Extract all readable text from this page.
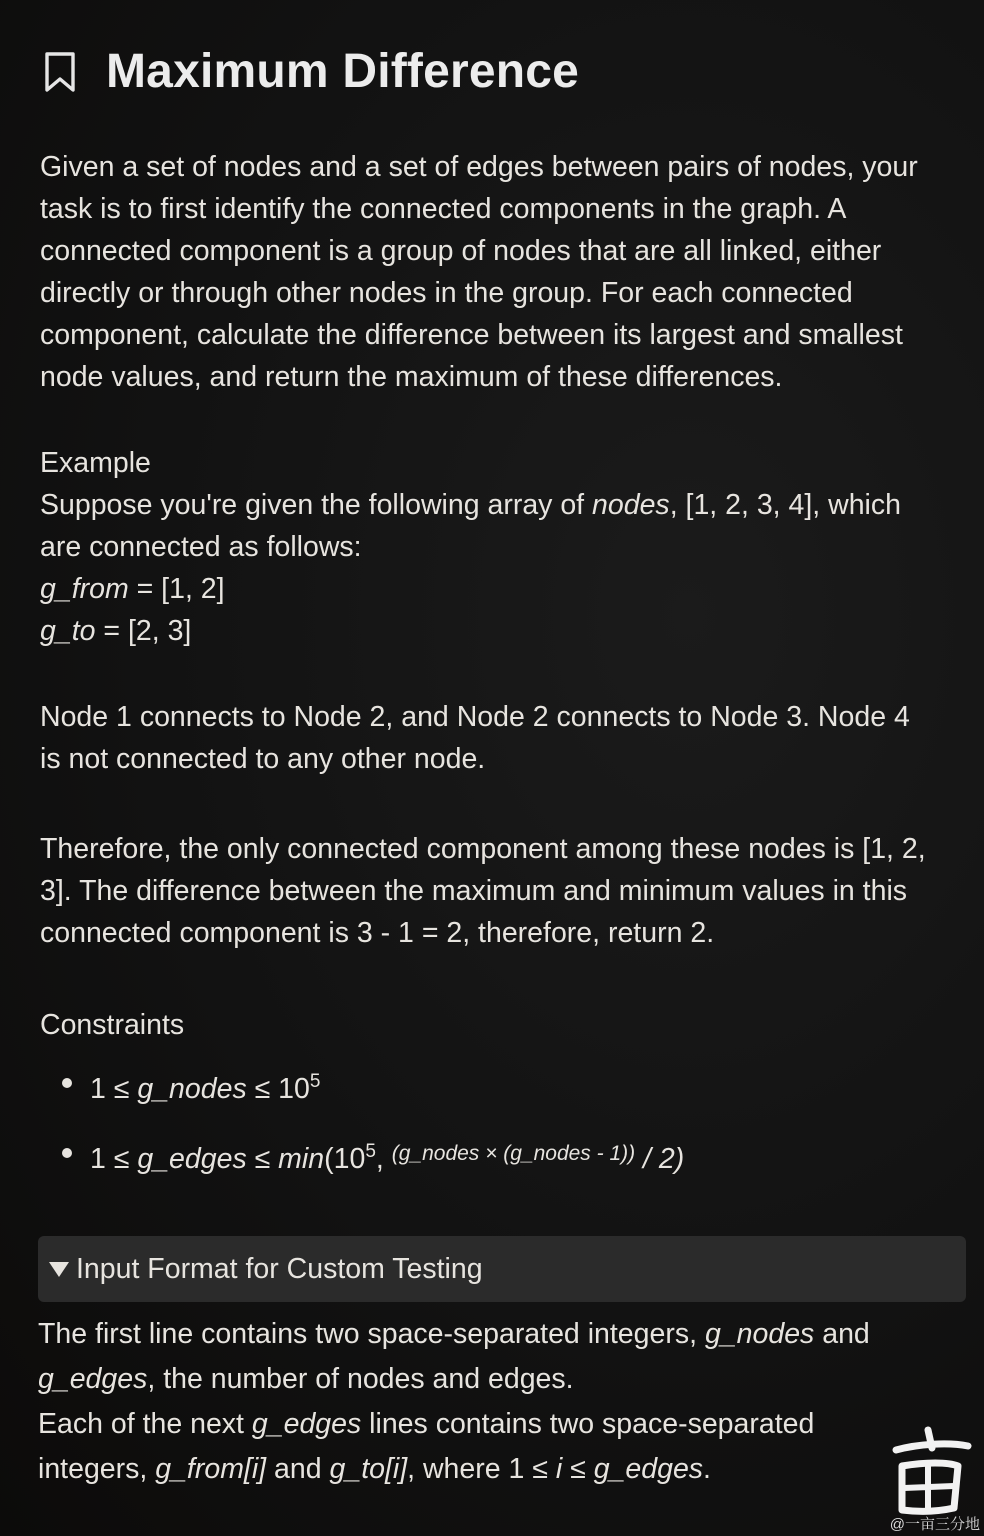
Maximum Difference
Given a set of nodes and a set of edges between pairs of nodes, your
task is to first identify the connected components in the graph. A
connected component is a group of nodes that are all linked, either
directly or through other nodes in the group. For each connected
component, calculate the difference between its largest and smallest
node values, and return the maximum of these differences.
Example
Suppose you're given the following array of nodes, [1, 2, 3, 4], which
are connected as follows:
g_from = [1, 2]
g_to = [2, 3]
Node 1 connects to Node 2, and Node 2 connects to Node 3. Node 4
is not connected to any other node.
Therefore, the only connected component among these nodes is [1, 2,
3]. The difference between the maximum and minimum values in this
connected component is 3 - 1 = 2, therefore, return 2.
Constraints
1 ≤ g_nodes ≤ $10^5$
1 ≤ g_edges ≤ $\min(10^5$, $^{(g\_nodes \times (g\_nodes - 1))}$ / 2)
Input Format for Custom Testing
The first line contains two space-separated integers, g_nodes and
g_edges, the number of nodes and edges.
Each of the next g_edges lines contains two space-separated
integers, g_from[i] and g_to[i], where 1 ≤ i ≤ g_edges.
@一亩三分地
